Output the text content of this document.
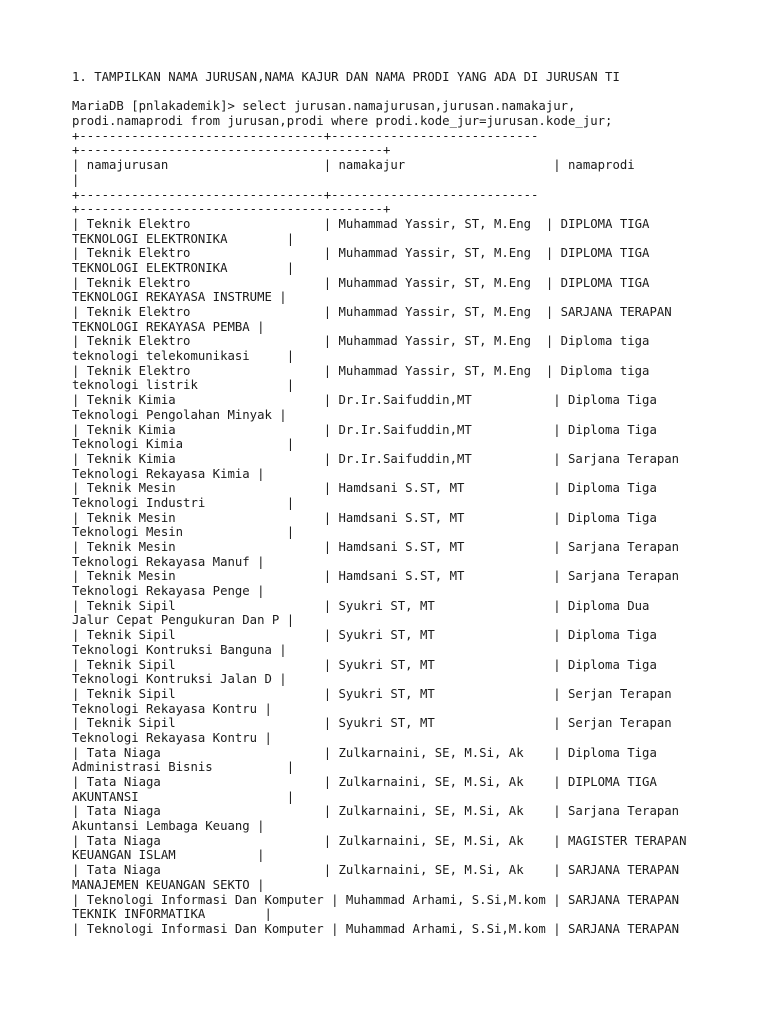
1. TAMPILKAN NAMA JURUSAN,NAMA KAJUR DAN NAMA PRODI YANG ADA DI JURUSAN TI
MariaDB [pnlakademik]> select jurusan.namajurusan,jurusan.namakajur,
prodi.namaprodi from jurusan,prodi where prodi.kode_jur=jurusan.kode_jur;
+---------------------------------+----------------------------
+-----------------------------------------+
| namajurusan                     | namakajur                    | namaprodi
|
+---------------------------------+----------------------------
+-----------------------------------------+
| Teknik Elektro                  | Muhammad Yassir, ST, M.Eng  | DIPLOMA TIGA
TEKNOLOGI ELEKTRONIKA        |
| Teknik Elektro                  | Muhammad Yassir, ST, M.Eng  | DIPLOMA TIGA
TEKNOLOGI ELEKTRONIKA        |
| Teknik Elektro                  | Muhammad Yassir, ST, M.Eng  | DIPLOMA TIGA
TEKNOLOGI REKAYASA INSTRUME |
| Teknik Elektro                  | Muhammad Yassir, ST, M.Eng  | SARJANA TERAPAN
TEKNOLOGI REKAYASA PEMBA |
| Teknik Elektro                  | Muhammad Yassir, ST, M.Eng  | Diploma tiga
teknologi telekomunikasi     |
| Teknik Elektro                  | Muhammad Yassir, ST, M.Eng  | Diploma tiga
teknologi listrik            |
| Teknik Kimia                    | Dr.Ir.Saifuddin,MT           | Diploma Tiga
Teknologi Pengolahan Minyak |
| Teknik Kimia                    | Dr.Ir.Saifuddin,MT           | Diploma Tiga
Teknologi Kimia              |
| Teknik Kimia                    | Dr.Ir.Saifuddin,MT           | Sarjana Terapan
Teknologi Rekayasa Kimia |
| Teknik Mesin                    | Hamdsani S.ST, MT            | Diploma Tiga
Teknologi Industri           |
| Teknik Mesin                    | Hamdsani S.ST, MT            | Diploma Tiga
Teknologi Mesin              |
| Teknik Mesin                    | Hamdsani S.ST, MT            | Sarjana Terapan
Teknologi Rekayasa Manuf |
| Teknik Mesin                    | Hamdsani S.ST, MT            | Sarjana Terapan
Teknologi Rekayasa Penge |
| Teknik Sipil                    | Syukri ST, MT                | Diploma Dua
Jalur Cepat Pengukuran Dan P |
| Teknik Sipil                    | Syukri ST, MT                | Diploma Tiga
Teknologi Kontruksi Banguna |
| Teknik Sipil                    | Syukri ST, MT                | Diploma Tiga
Teknologi Kontruksi Jalan D |
| Teknik Sipil                    | Syukri ST, MT                | Serjan Terapan
Teknologi Rekayasa Kontru |
| Teknik Sipil                    | Syukri ST, MT                | Serjan Terapan
Teknologi Rekayasa Kontru |
| Tata Niaga                      | Zulkarnaini, SE, M.Si, Ak    | Diploma Tiga
Administrasi Bisnis          |
| Tata Niaga                      | Zulkarnaini, SE, M.Si, Ak    | DIPLOMA TIGA
AKUNTANSI                    |
| Tata Niaga                      | Zulkarnaini, SE, M.Si, Ak    | Sarjana Terapan
Akuntansi Lembaga Keuang |
| Tata Niaga                      | Zulkarnaini, SE, M.Si, Ak    | MAGISTER TERAPAN
KEUANGAN ISLAM           |
| Tata Niaga                      | Zulkarnaini, SE, M.Si, Ak    | SARJANA TERAPAN
MANAJEMEN KEUANGAN SEKTO |
| Teknologi Informasi Dan Komputer | Muhammad Arhami, S.Si,M.kom | SARJANA TERAPAN
TEKNIK INFORMATIKA        |
| Teknologi Informasi Dan Komputer | Muhammad Arhami, S.Si,M.kom | SARJANA TERAPAN
